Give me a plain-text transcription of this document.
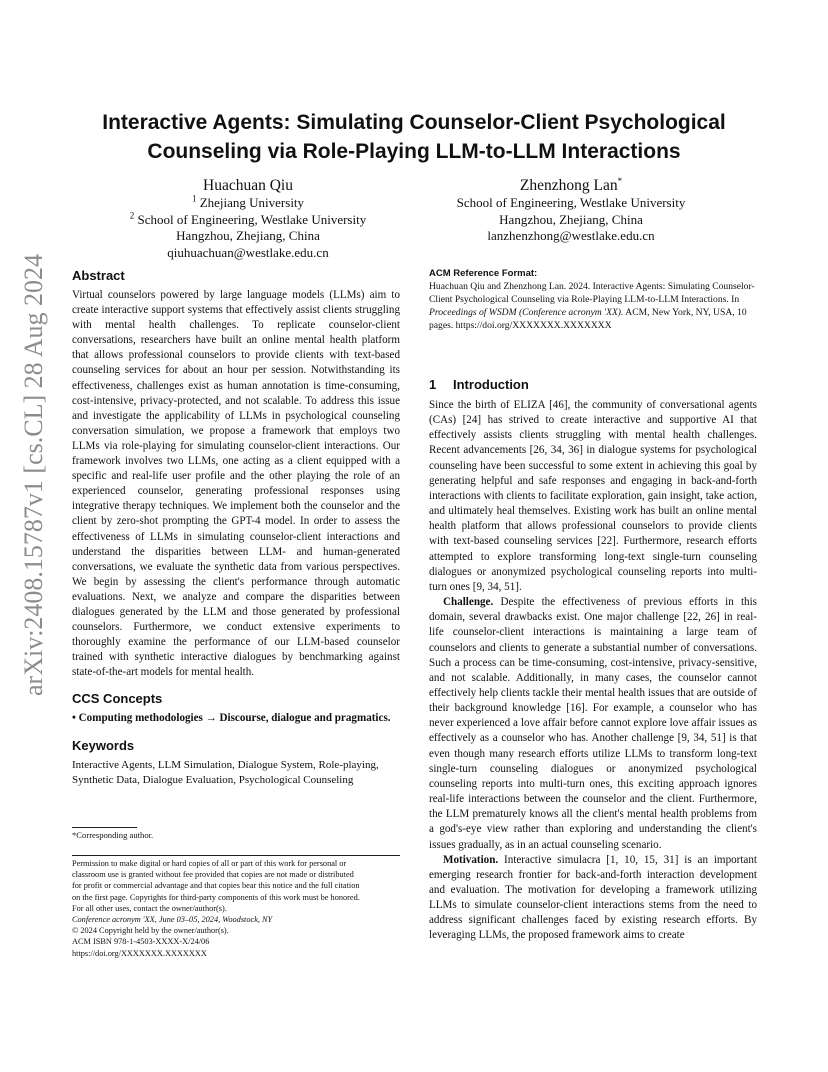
arXiv:2408.15787v1 [cs.CL] 28 Aug 2024
Interactive Agents: Simulating Counselor-Client Psychological
Counseling via Role-Playing LLM-to-LLM Interactions
Huachuan Qiu
$^1$ Zhejiang University
$^2$ School of Engineering, Westlake University
Hangzhou, Zhejiang, China
qiuhuachuan@westlake.edu.cn
Zhenzhong Lan*
School of Engineering, Westlake University
Hangzhou, Zhejiang, China
lanzhenzhong@westlake.edu.cn
Abstract

Virtual counselors powered by large language models (LLMs) aim to create interactive support systems that effectively assist clients struggling with mental health challenges. To replicate counselor-client conversations, researchers have built an online mental health platform that allows professional counselors to provide clients with text-based counseling services for about an hour per session. Notwithstanding its effectiveness, challenges exist as human annotation is time-consuming, cost-intensive, privacy-protected, and not scalable. To address this issue and investigate the applicability of LLMs in psychological counseling conversation simulation, we propose a framework that employs two LLMs via role-playing for simulating counselor-client interactions. Our framework involves two LLMs, one acting as a client equipped with a specific and real-life user profile and the other playing the role of an experienced counselor, generating professional responses using integrative therapy techniques. We implement both the counselor and the client by zero-shot prompting the GPT-4 model. In order to assess the effectiveness of LLMs in simulating counselor-client interactions and understand the disparities between LLM- and human-generated conversations, we evaluate the synthetic data from various perspectives. We begin by assessing the client's performance through automatic evaluations. Next, we analyze and compare the disparities between dialogues generated by the LLM and those generated by professional counselors. Furthermore, we conduct extensive experiments to thoroughly examine the performance of our LLM-based counselor trained with synthetic interactive dialogues by benchmarking against state-of-the-art models for mental health.

CCS Concepts

• Computing methodologies → Discourse, dialogue and pragmatics.

Keywords

Interactive Agents, LLM Simulation, Dialogue System, Role-playing, Synthetic Data, Dialogue Evaluation, Psychological Counseling

*Corresponding author.
Permission to make digital or hard copies of all or part of this work for personal or
classroom use is granted without fee provided that copies are not made or distributed
for profit or commercial advantage and that copies bear this notice and the full citation
on the first page. Copyrights for third-party components of this work must be honored.
For all other uses, contact the owner/author(s).
Conference acronym 'XX, June 03–05, 2024, Woodstock, NY
© 2024 Copyright held by the owner/author(s).
ACM ISBN 978-1-4503-XXXX-X/24/06
https://doi.org/XXXXXXX.XXXXXXX
ACM Reference Format:

Huachuan Qiu and Zhenzhong Lan. 2024. Interactive Agents: Simulating Counselor-Client Psychological Counseling via Role-Playing LLM-to-LLM Interactions. In Proceedings of WSDM (Conference acronym 'XX). ACM, New York, NY, USA, 10 pages. https://doi.org/XXXXXXX.XXXXXXX

1 Introduction

Since the birth of ELIZA [46], the community of conversational agents (CAs) [24] has strived to create interactive and supportive AI that effectively assists clients struggling with mental health challenges. Recent advancements [26, 34, 36] in dialogue systems for psychological counseling have been successful to some extent in achieving this goal by generating helpful and safe responses and engaging in back-and-forth interactions with clients to facilitate exploration, gain insight, take action, and ultimately heal themselves. Existing work has built an online mental health platform that allows professional counselors to provide clients with text-based counseling services [22]. Furthermore, research efforts attempted to explore transforming long-text single-turn counseling dialogues or anonymized psychological counseling reports into multi-turn ones [9, 34, 51].

Challenge. Despite the effectiveness of previous efforts in this domain, several drawbacks exist. One major challenge [22, 26] in real-life counselor-client interactions is maintaining a large team of counselors and clients to generate a substantial number of conversations. Such a process can be time-consuming, cost-intensive, privacy-sensitive, and not scalable. Additionally, in many cases, the counselor cannot effectively help clients tackle their mental health issues that are outside of their background knowledge [16]. For example, a counselor who has never experienced a love affair before cannot explore love affair issues as effectively as a counselor who has. Another challenge [9, 34, 51] is that even though many research efforts utilize LLMs to transform long-text single-turn counseling dialogues or anonymized psychological counseling reports into multi-turn ones, this exciting approach ignores real-life interactions between the counselor and the client. Furthermore, the LLM prematurely knows all the client's mental health problems from a god's-eye view rather than exploring and understanding the client's issues gradually, as in an actual counseling scenario.

Motivation. Interactive simulacra [1, 10, 15, 31] is an important emerging research frontier for back-and-forth interaction development and evaluation. The motivation for developing a framework utilizing LLMs to simulate counselor-client interactions stems from the need to address significant challenges faced by existing research efforts. By leveraging LLMs, the proposed framework aims to create
